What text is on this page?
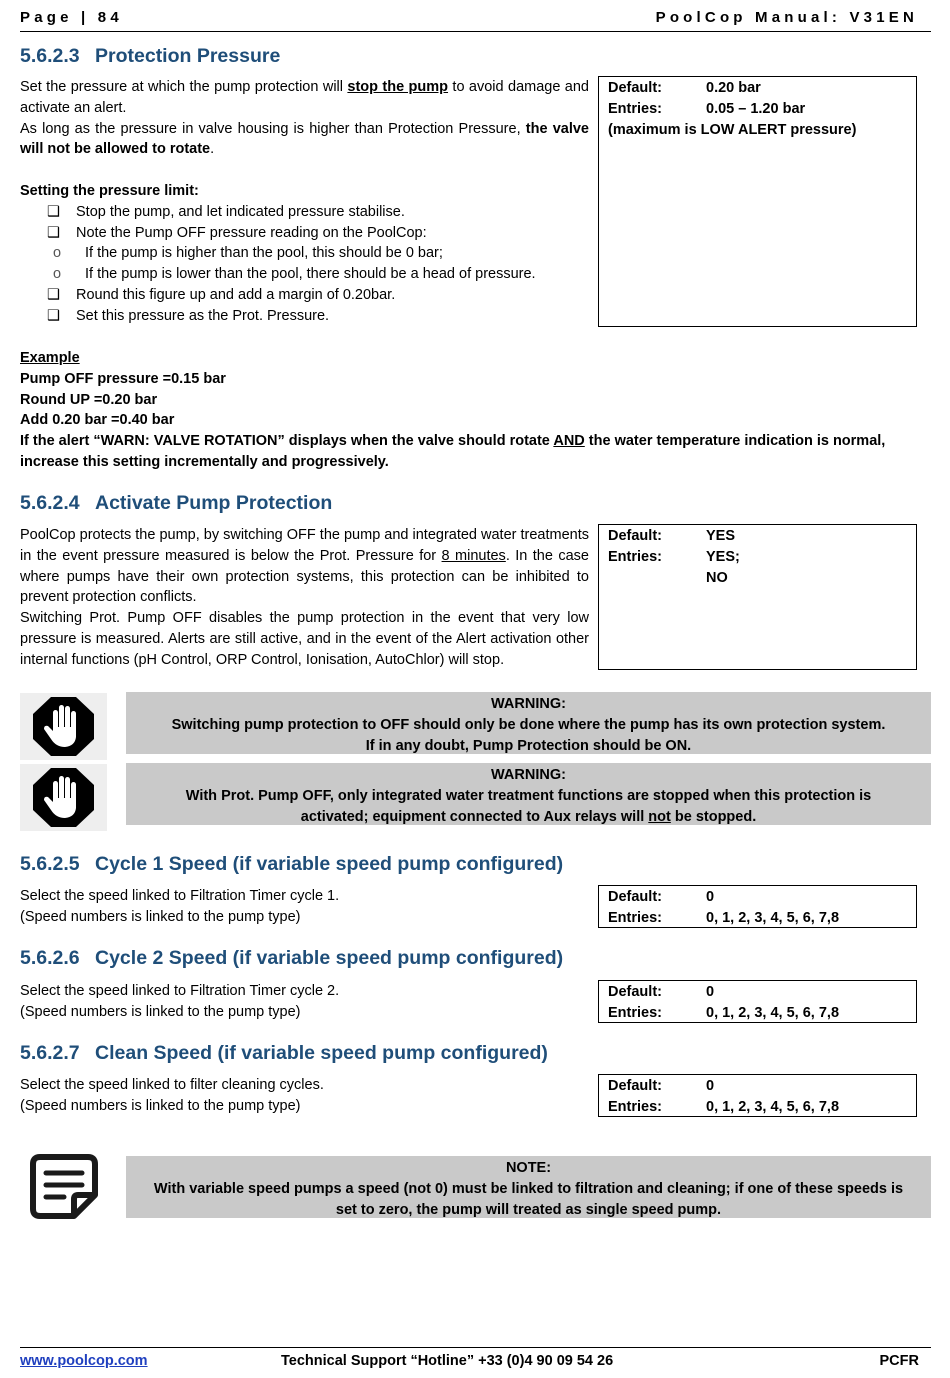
Page | 84	PoolCop Manual: V31EN
5.6.2.3 Protection Pressure

Set the pressure at which the pump protection will stop the pump to avoid damage and activate an alert.

As long as the pressure in valve housing is higher than Protection Pressure, the valve will not be allowed to rotate.

Setting the pressure limit:

❑	Stop the pump, and let indicated pressure stabilise.
❑	Note the Pump OFF pressure reading on the PoolCop:
o	If the pump is higher than the pool, this should be 0 bar;
o	If the pump is lower than the pool, there should be a head of pressure.
❑	Round this figure up and add a margin of 0.20bar.
❑	Set this pressure as the Prot. Pressure.
Default:	0.20 bar
Entries:	0.05 – 1.20 bar
(maximum is LOW ALERT pressure)
Example
Pump OFF pressure =0.15 bar
Round UP =0.20 bar
Add 0.20 bar =0.40 bar
If the alert “WARN: VALVE ROTATION” displays when the valve should rotate AND the water temperature indication is normal, increase this setting incrementally and progressively.
5.6.2.4 Activate Pump Protection

PoolCop protects the pump, by switching OFF the pump and integrated water treatments in the event pressure measured is below the Prot. Pressure for 8 minutes. In the case where pumps have their own protection systems, this protection can be inhibited to prevent protection conflicts.

Switching Prot. Pump OFF disables the pump protection in the event that very low pressure is measured. Alerts are still active, and in the event of the Alert activation other internal functions (pH Control, ORP Control, Ionisation, AutoChlor) will stop.

Default:	YES
Entries:	YES;
NO
WARNING:
Switching pump protection to OFF should only be done where the pump has its own protection system.
If in any doubt, Pump Protection should be ON.
WARNING:
With Prot. Pump OFF, only integrated water treatment functions are stopped when this protection is
activated; equipment connected to Aux relays will not be stopped.
5.6.2.5 Cycle 1 Speed (if variable speed pump configured)

Select the speed linked to Filtration Timer cycle 1.

(Speed numbers is linked to the pump type)

Default:	0
Entries:	0, 1, 2, 3, 4, 5, 6, 7,8
5.6.2.6 Cycle 2 Speed (if variable speed pump configured)

Select the speed linked to Filtration Timer cycle 2.

(Speed numbers is linked to the pump type)

Default:	0
Entries:	0, 1, 2, 3, 4, 5, 6, 7,8
5.6.2.7 Clean Speed (if variable speed pump configured)

Select the speed linked to filter cleaning cycles.

(Speed numbers is linked to the pump type)

Default:	0
Entries:	0, 1, 2, 3, 4, 5, 6, 7,8
NOTE:
With variable speed pumps a speed (not 0) must be linked to filtration and cleaning; if one of these speeds is
set to zero, the pump will treated as single speed pump.
www.poolcop.com	Technical Support “Hotline” +33 (0)4 90 09 54 26	PCFR
